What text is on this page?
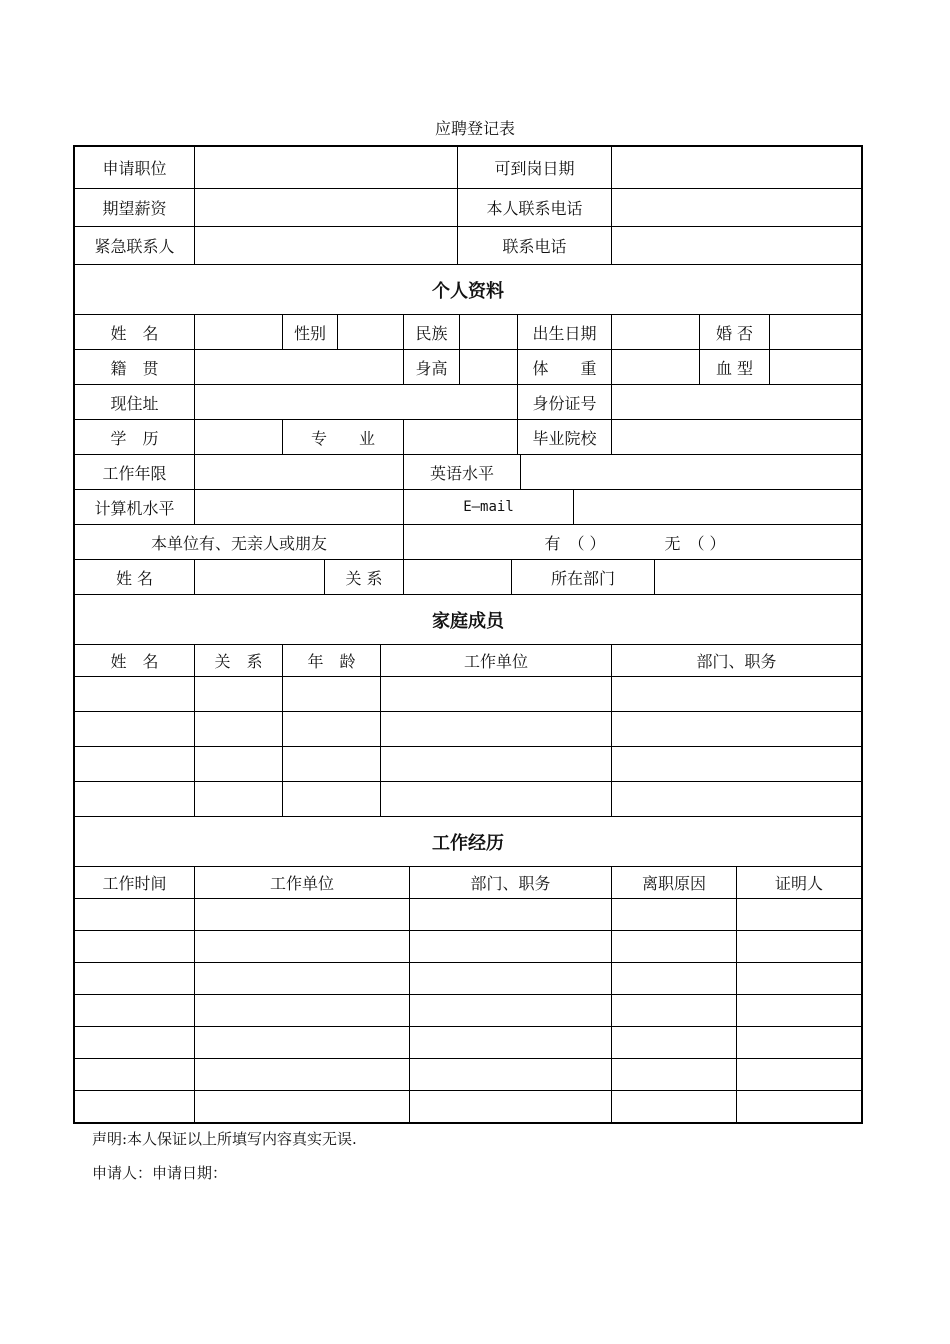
应聘登记表
申请职位	可到岗日期
期望薪资	本人联系电话
紧急联系人	联系电话
个人资料
姓　名	性别	民族	出生日期	婚 否
籍　贯	身高	体　　重	血 型
现住址	身份证号
学　历	专　　业	毕业院校
工作年限	英语水平
计算机水平	E—mail
本单位有、无亲人或朋友	有　（ ）	无　（ ）
姓 名	关 系	所在部门
家庭成员
姓　名	关　系	年　龄	工作单位	部门、职务
工作经历
工作时间	工作单位	部门、职务	离职原因	证明人
声明:本人保证以上所填写内容真实无误.
申请人：申请日期：
